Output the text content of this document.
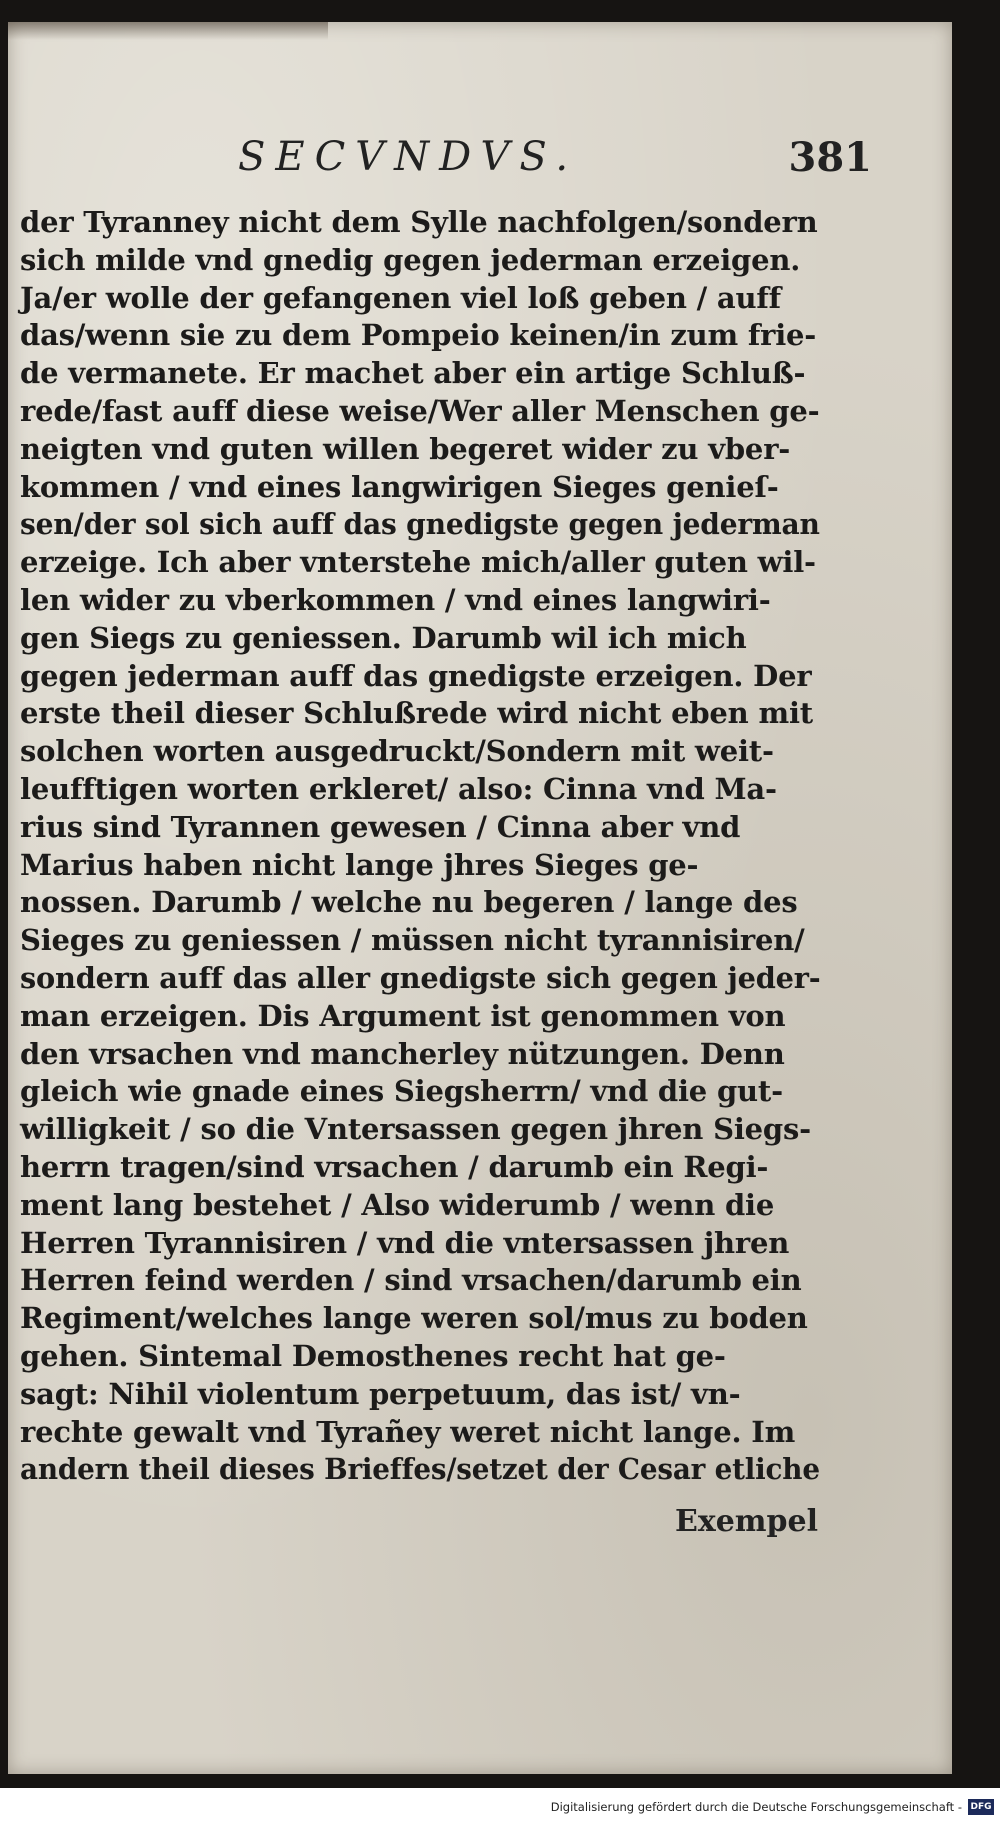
SECVNDVS.	381
der Tyranney nicht dem Sylle nachfolgen/sondern
sich milde vnd gnedig gegen jederman erzeigen.
Ja/er wolle der gefangenen viel loß geben / auff
das/wenn sie zu dem Pompeio keinen/in zum frie-
de vermanete. Er machet aber ein artige Schluß-
rede/fast auff diese weise/Wer aller Menschen ge-
neigten vnd guten willen begeret wider zu vber-
kommen / vnd eines langwirigen Sieges genieſ-
sen/der sol sich auff das gnedigste gegen jederman
erzeige. Ich aber vnterstehe mich/aller guten wil-
len wider zu vberkommen / vnd eines langwiri-
gen Siegs zu geniessen. Darumb wil ich mich
gegen jederman auff das gnedigste erzeigen. Der
erste theil dieser Schlußrede wird nicht eben mit
solchen worten ausgedruckt/Sondern mit weit-
leufftigen worten erkleret/ also: Cinna vnd Ma-
rius sind Tyrannen gewesen / Cinna aber vnd
Marius haben nicht lange jhres Sieges ge-
nossen. Darumb / welche nu begeren / lange des
Sieges zu geniessen / müssen nicht tyrannisiren/
sondern auff das aller gnedigste sich gegen jeder-
man erzeigen. Dis Argument ist genommen von
den vrsachen vnd mancherley nützungen. Denn
gleich wie gnade eines Siegsherrn/ vnd die gut-
willigkeit / so die Vntersassen gegen jhren Siegs-
herrn tragen/sind vrsachen / darumb ein Regi-
ment lang bestehet / Also widerumb / wenn die
Herren Tyrannisiren / vnd die vntersassen jhren
Herren feind werden / sind vrsachen/darumb ein
Regiment/welches lange weren sol/mus zu boden
gehen. Sintemal Demosthenes recht hat ge-
sagt: Nihil violentum perpetuum, das ist/ vn-
rechte gewalt vnd Tyrañey weret nicht lange. Im
andern theil dieses Brieffes/setzet der Cesar etliche
Exempel
Digitalisierung gefördert durch die Deutsche Forschungsgemeinschaft - DFG
